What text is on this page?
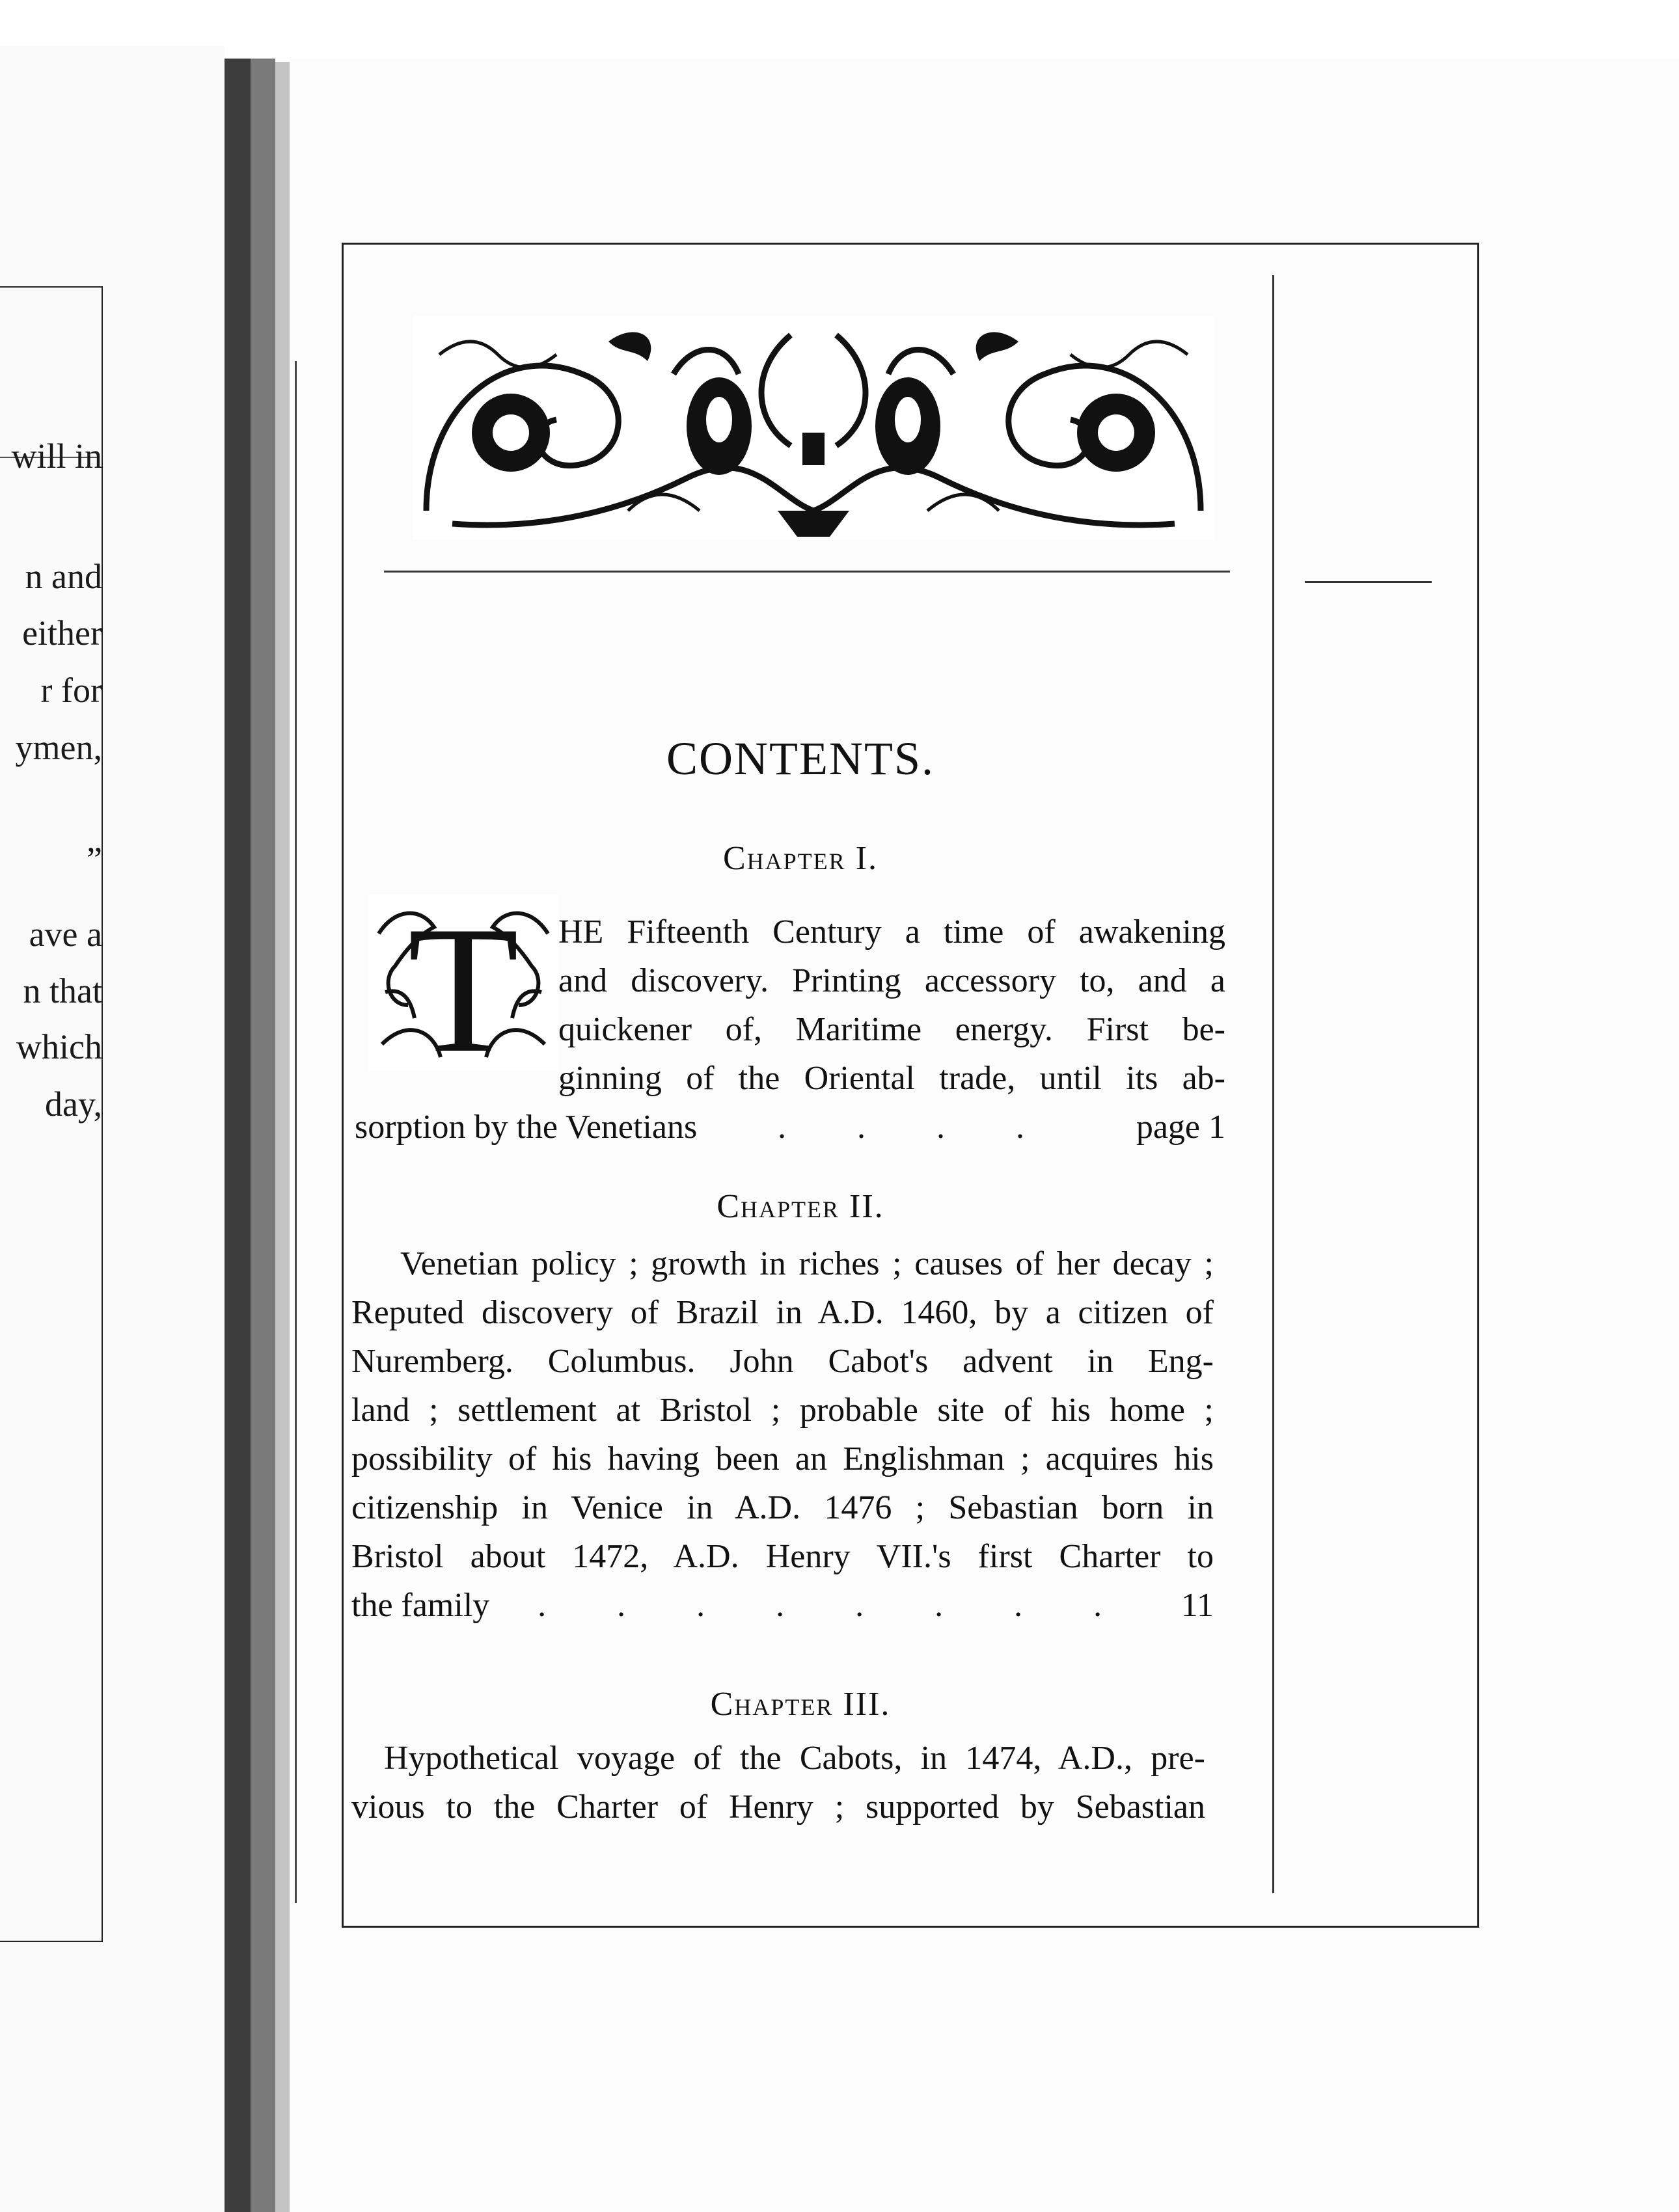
will in
n and
either
r for
ymen,
”
ave a
n that
which
day,
CONTENTS.
Chapter I.
T HE Fifteenth Century a time of awakening
and discovery. Printing accessory to, and a
quickener of, Maritime energy. First be-
ginning of the Oriental trade, until its ab-
sorption by the Venetians . . . . page 1
Chapter II.
Venetian policy ; growth in riches ; causes of her decay ;
Reputed discovery of Brazil in A.D. 1460, by a citizen of
Nuremberg. Columbus. John Cabot's advent in Eng-
land ; settlement at Bristol ; probable site of his home ;
possibility of his having been an Englishman ; acquires his
citizenship in Venice in A.D. 1476 ; Sebastian born in
Bristol about 1472, A.D. Henry VII.'s first Charter to
the family . . . . . . . . 11
Chapter III.
Hypothetical voyage of the Cabots, in 1474, A.D., pre-
vious to the Charter of Henry ; supported by Sebastian
